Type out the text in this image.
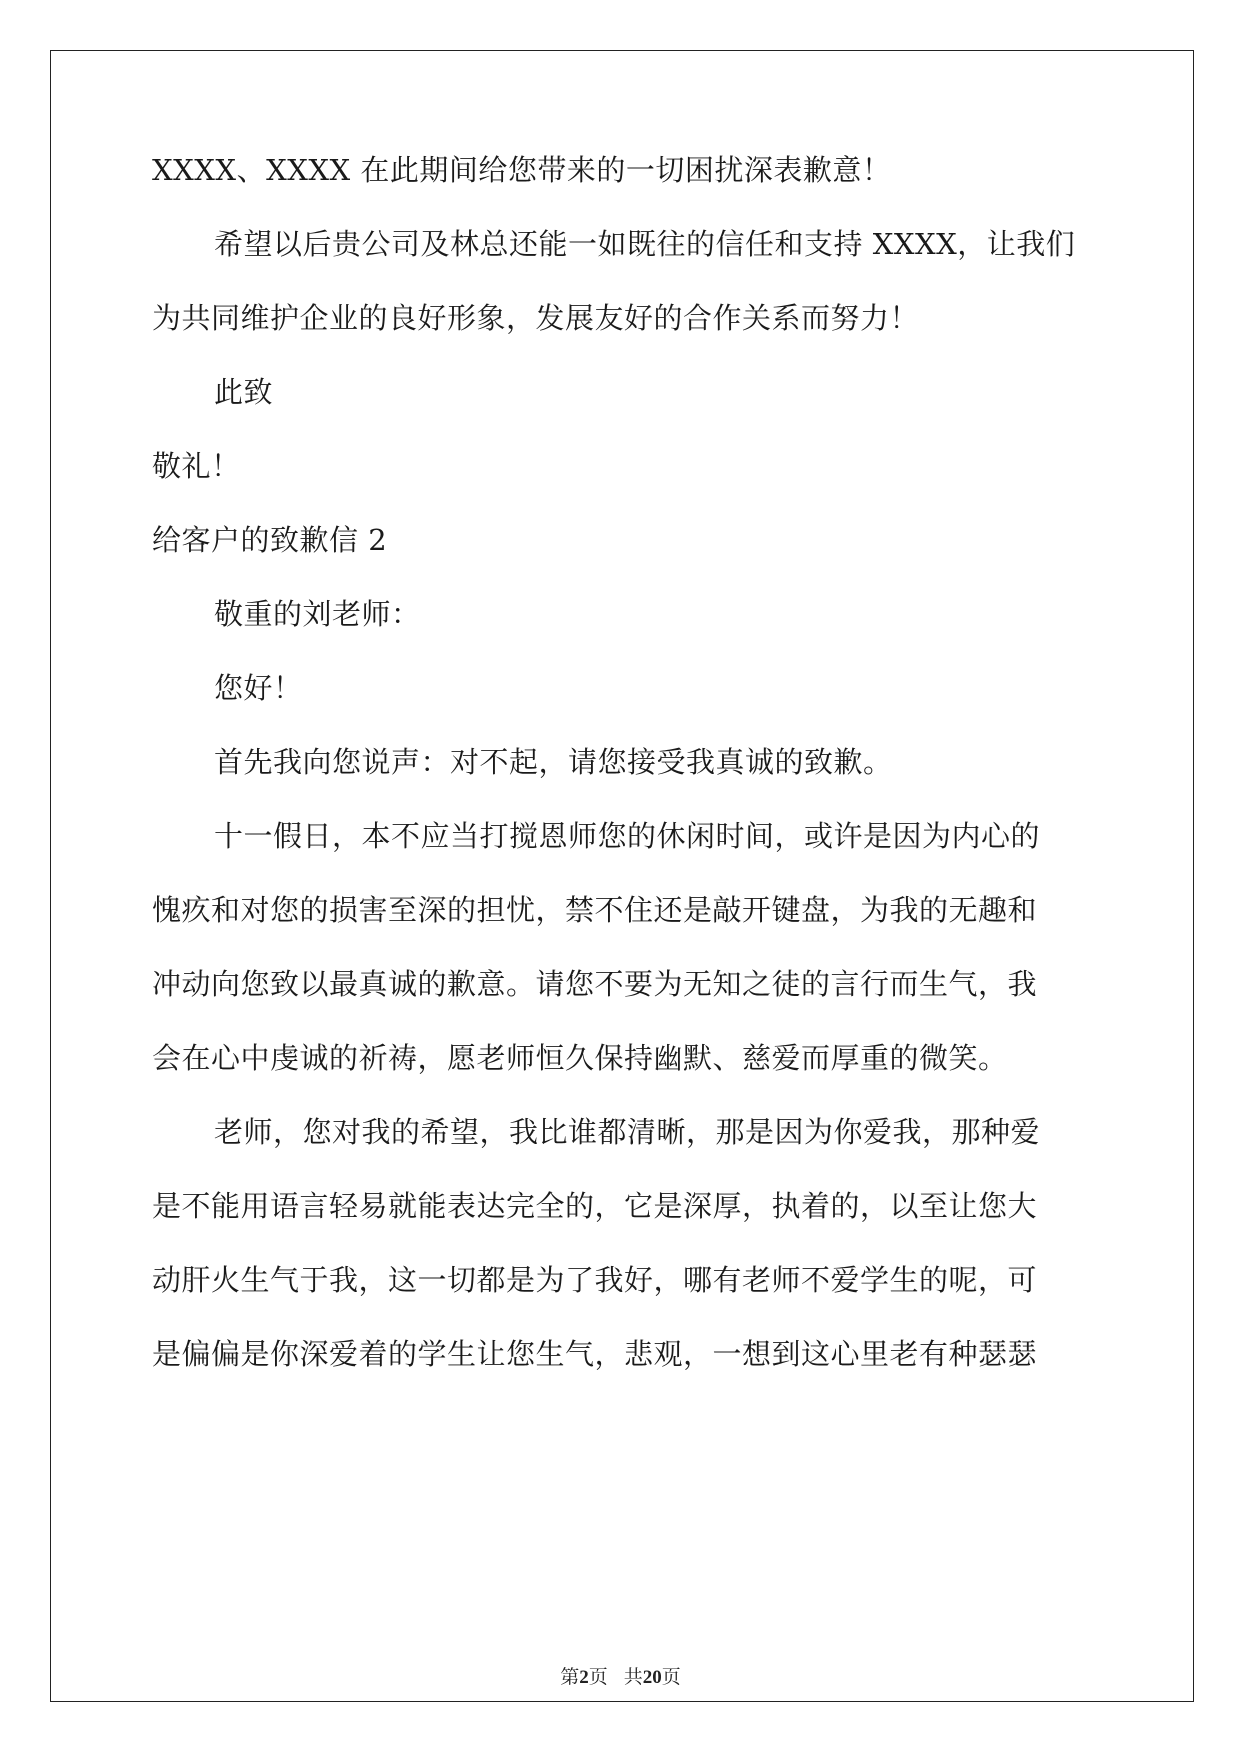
XXXX、XXXX 在此期间给您带来的一切困扰深表歉意！
希望以后贵公司及林总还能一如既往的信任和支持 XXXX，让我们
为共同维护企业的良好形象，发展友好的合作关系而努力！
此致
敬礼！
给客户的致歉信 2
敬重的刘老师：
您好！
首先我向您说声：对不起，请您接受我真诚的致歉。
十一假日，本不应当打搅恩师您的休闲时间，或许是因为内心的
愧疚和对您的损害至深的担忧，禁不住还是敲开键盘，为我的无趣和
冲动向您致以最真诚的歉意。请您不要为无知之徒的言行而生气，我
会在心中虔诚的祈祷，愿老师恒久保持幽默、慈爱而厚重的微笑。
老师，您对我的希望，我比谁都清晰，那是因为你爱我，那种爱
是不能用语言轻易就能表达完全的，它是深厚，执着的，以至让您大
动肝火生气于我，这一切都是为了我好，哪有老师不爱学生的呢，可
是偏偏是你深爱着的学生让您生气，悲观，一想到这心里老有种瑟瑟
第2页 共20页
